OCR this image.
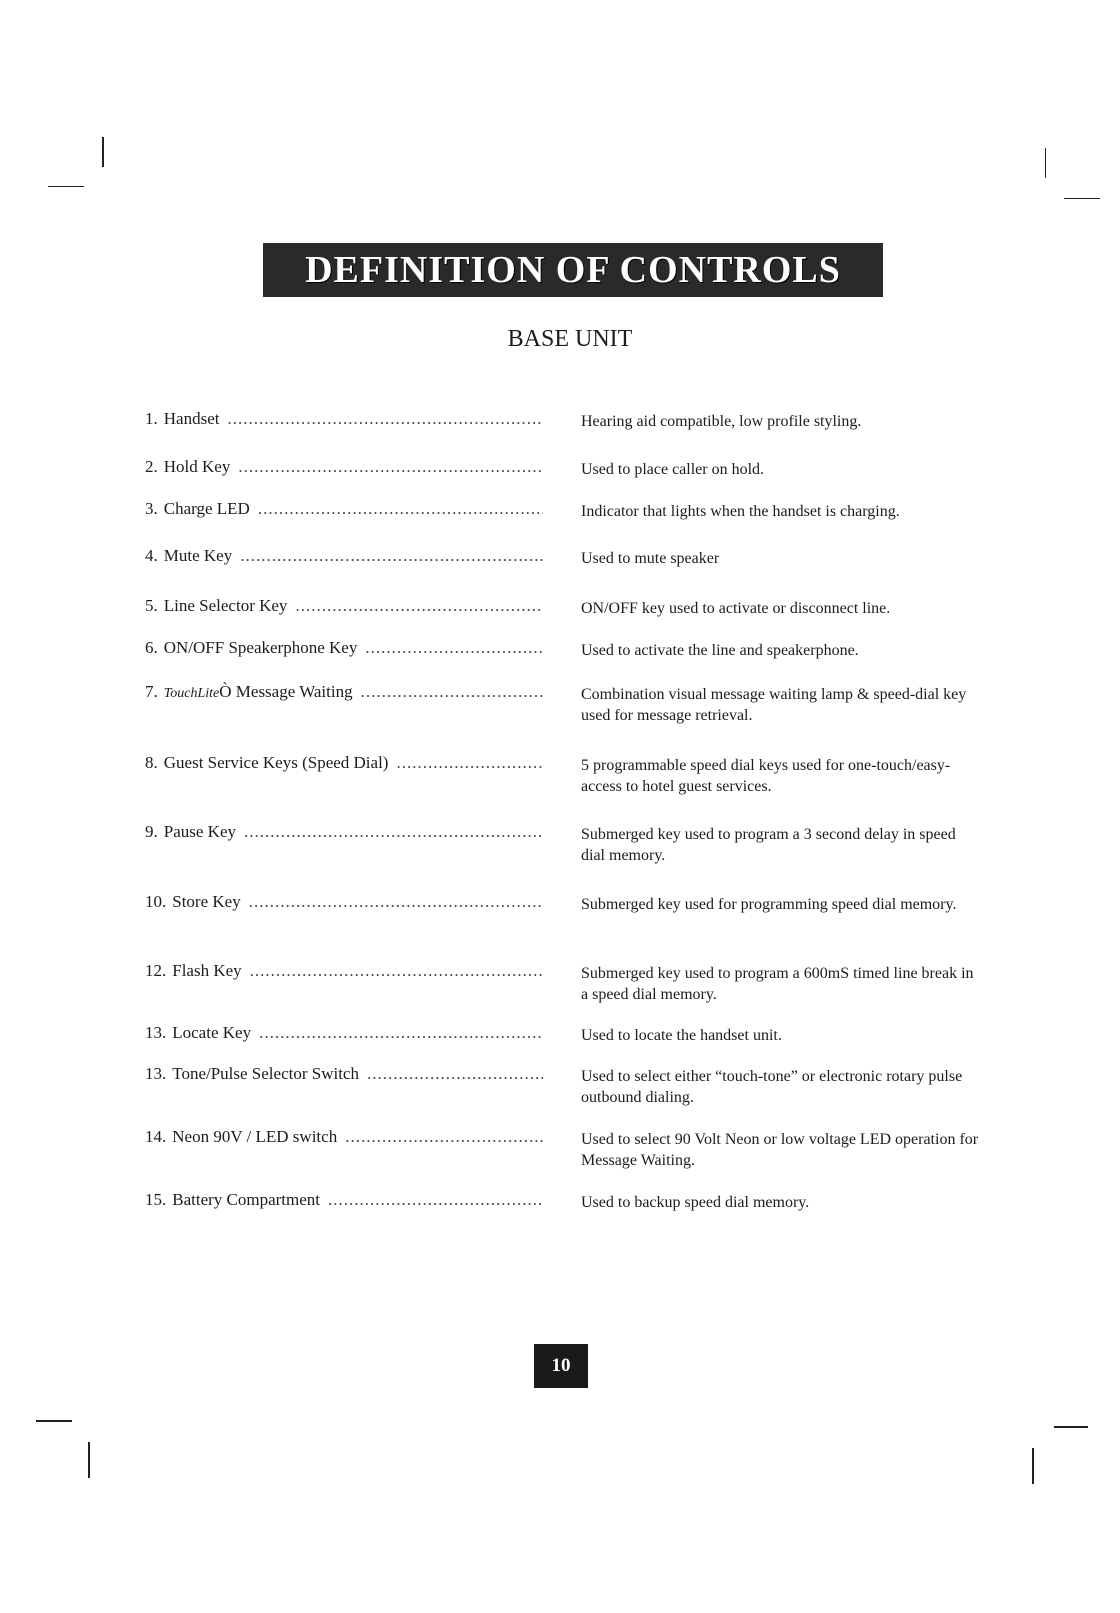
DEFINITION OF CONTROLS
BASE UNIT
1. Handset .....	Hearing aid compatible, low profile styling.
2. Hold Key .....	Used to place caller on hold.
3. Charge LED .....	Indicator that lights when the handset is charging.
4. Mute Key .....	Used to mute speaker
5. Line Selector Key .....	ON/OFF key used to activate or disconnect line.
6. ON/OFF Speakerphone Key .....	Used to activate the line and speakerphone.
7. TouchLite Ò Message Waiting .....	Combination visual message waiting lamp & speed-dial key used for message retrieval.
8. Guest Service Keys (Speed Dial) .....	5 programmable speed dial keys used for one-touch/easy-access to hotel guest services.
9. Pause Key .....	Submerged key used to program a 3 second delay in speed dial memory.
10. Store Key .....	Submerged key used for programming speed dial memory.
12. Flash Key .....	Submerged key used to program a 600mS timed line break in a speed dial memory.
13. Locate Key .....	Used to locate the handset unit.
13. Tone/Pulse Selector Switch .....	Used to select either “touch-tone” or electronic rotary pulse outbound dialing.
14. Neon 90V / LED switch .....	Used to select 90 Volt Neon or low voltage LED operation for Message Waiting.
15. Battery Compartment .....	Used to backup speed dial memory.
10
